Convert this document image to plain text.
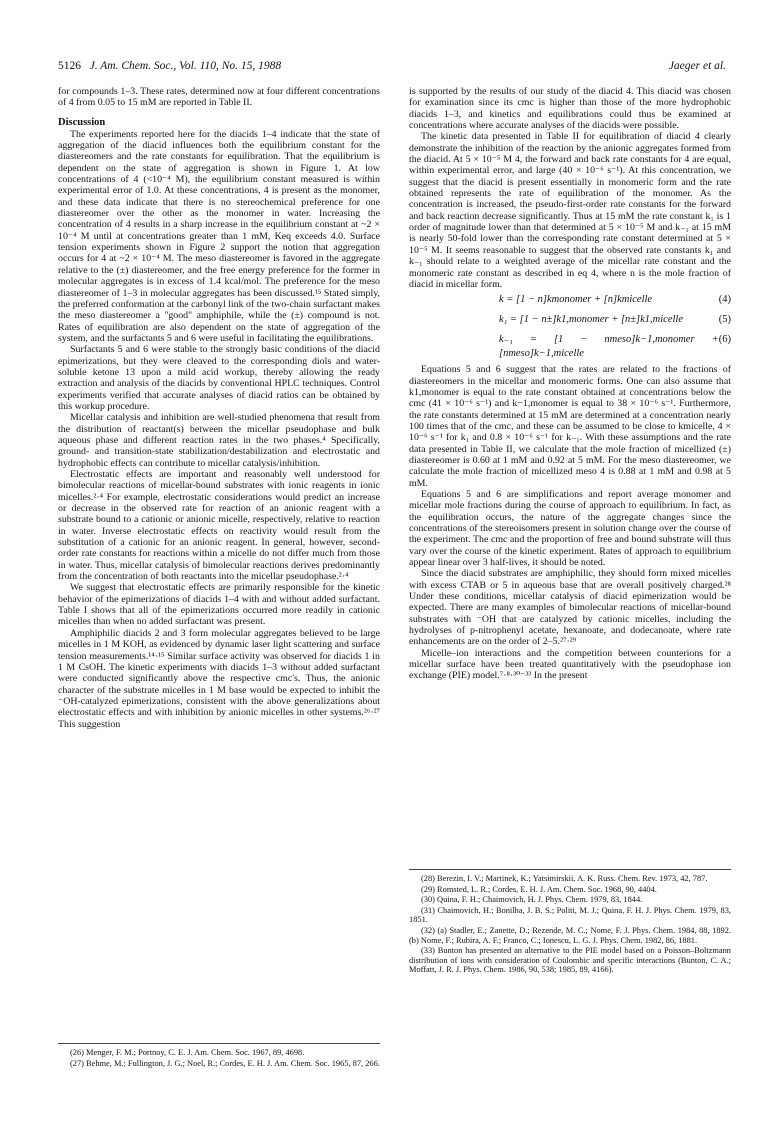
5126 J. Am. Chem. Soc., Vol. 110, No. 15, 1988	Jaeger et al.

for compounds 1–3. These rates, determined now at four different concentrations of 4 from 0.05 to 15 mM are reported in Table II.

Discussion

The experiments reported here for the diacids 1–4 indicate that the state of aggregation of the diacid influences both the equilibrium constant for the diastereomers and the rate constants for equilibration. That the equilibrium is dependent on the state of aggregation is shown in Figure 1. At low concentrations of 4 (<10⁻⁴ M), the equilibrium constant measured is within experimental error of 1.0. At these concentrations, 4 is present as the monomer, and these data indicate that there is no stereochemical preference for one diastereomer over the other as the monomer in water. Increasing the concentration of 4 results in a sharp increase in the equilibrium constant at ~2 × 10⁻⁴ M until at concentrations greater than 1 mM, Keq exceeds 4.0. Surface tension experiments shown in Figure 2 support the notion that aggregation occurs for 4 at ~2 × 10⁻⁴ M. The meso diastereomer is favored in the aggregate relative to the (±) diastereomer, and the free energy preference for the former in molecular aggregates is in excess of 1.4 kcal/mol. The preference for the meso diastereomer of 1–3 in molecular aggregates has been discussed.¹⁵ Stated simply, the preferred conformation at the carbonyl link of the two-chain surfactant makes the meso diastereomer a "good" amphiphile, while the (±) compound is not. Rates of equilibration are also dependent on the state of aggregation of the system, and the surfactants 5 and 6 were useful in facilitating the equilibrations.

Surfactants 5 and 6 were stable to the strongly basic conditions of the diacid epimerizations, but they were cleaved to the corresponding diols and water-soluble ketone 13 upon a mild acid workup, thereby allowing the ready extraction and analysis of the diacids by conventional HPLC techniques. Control experiments verified that accurate analyses of diacid ratios can be obtained by this workup procedure.

Micellar catalysis and inhibition are well-studied phenomena that result from the distribution of reactant(s) between the micellar pseudophase and bulk aqueous phase and different reaction rates in the two phases.⁴ Specifically, ground- and transition-state stabilization/destabilization and electrostatic and hydrophobic effects can contribute to micellar catalysis/inhibition.

Electrostatic effects are important and reasonably well understood for bimolecular reactions of micellar-bound substrates with ionic reagents in ionic micelles.²·⁴ For example, electrostatic considerations would predict an increase or decrease in the observed rate for reaction of an anionic reagent with a substrate bound to a cationic or anionic micelle, respectively, relative to reaction in water. Inverse electrostatic effects on reactivity would result from the substitution of a cationic for an anionic reagent. In general, however, second-order rate constants for reactions within a micelle do not differ much from those in water. Thus, micellar catalysis of bimolecular reactions derives predominantly from the concentration of both reactants into the micellar pseudophase.²·⁴

We suggest that electrostatic effects are primarily responsible for the kinetic behavior of the epimerizations of diacids 1–4 with and without added surfactant. Table I shows that all of the epimerizations occurred more readily in cationic micelles than when no added surfactant was present.

Amphiphilic diacids 2 and 3 form molecular aggregates believed to be large micelles in 1 M KOH, as evidenced by dynamic laser light scattering and surface tension measurements.¹⁴·¹⁵ Similar surface activity was observed for diacids 1 in 1 M CsOH. The kinetic experiments with diacids 1–3 without added surfactant were conducted significantly above the respective cmc's. Thus, the anionic character of the substrate micelles in 1 M base would be expected to inhibit the ⁻OH-catalyzed epimerizations, consistent with the above generalizations about electrostatic effects and with inhibition by anionic micelles in other systems.²⁶·²⁷ This suggestion

(26) Menger, F. M.; Portnoy, C. E. J. Am. Chem. Soc. 1967, 89, 4698.

(27) Behme, M.; Fullington, J. G.; Noel, R.; Cordes, E. H. J. Am. Chem. Soc. 1965, 87, 266.

is supported by the results of our study of the diacid 4. This diacid was chosen for examination since its cmc is higher than those of the more hydrophobic diacids 1–3, and kinetics and equilibrations could thus be examined at concentrations where accurate analyses of the diacids were possible.

The kinetic data presented in Table II for equilibration of diacid 4 clearly demonstrate the inhibition of the reaction by the anionic aggregates formed from the diacid. At 5 × 10⁻⁵ M 4, the forward and back rate constants for 4 are equal, within experimental error, and large (40 × 10⁻⁶ s⁻¹). At this concentration, we suggest that the diacid is present essentially in monomeric form and the rate obtained represents the rate of equilibration of the monomer. As the concentration is increased, the pseudo-first-order rate constants for the forward and back reaction decrease significantly. Thus at 15 mM the rate constant k₁ is 1 order of magnitude lower than that determined at 5 × 10⁻⁵ M and k₋₁ at 15 mM is nearly 50-fold lower than the corresponding rate constant determined at 5 × 10⁻⁵ M. It seems reasonable to suggest that the observed rate constants k₁ and k₋₁ should relate to a weighted average of the micellar rate constant and the monomeric rate constant as described in eq 4, where n is the mole fraction of diacid in micellar form.

k = [1 − n]kmonomer + [n]kmicelle	(4)
k₁ = [1 − n±]k1,monomer + [n±]k1,micelle	(5)
k₋₁ = [1 − nmeso]k−1,monomer + [nmeso]k−1,micelle
(6)

Equations 5 and 6 suggest that the rates are related to the fractions of diastereomers in the micellar and monomeric forms. One can also assume that k1,monomer is equal to the rate constant obtained at concentrations below the cmc (41 × 10⁻⁶ s⁻¹) and k−1,monomer is equal to 38 × 10⁻⁶ s⁻¹. Furthermore, the rate constants determined at 15 mM are determined at a concentration nearly 100 times that of the cmc, and these can be assumed to be close to kmicelle, 4 × 10⁻⁶ s⁻¹ for k₁ and 0.8 × 10⁻⁶ s⁻¹ for k₋₁. With these assumptions and the rate data presented in Table II, we calculate that the mole fraction of micellized (±) diastereomer is 0.60 at 1 mM and 0.92 at 5 mM. For the meso diastereomer, we calculate the mole fraction of micellized meso 4 is 0.88 at 1 mM and 0.98 at 5 mM.

Equations 5 and 6 are simplifications and report average monomer and micellar mole fractions during the course of approach to equilibrium. In fact, as the equilibration occurs, the nature of the aggregate changes since the concentrations of the stereoisomers present in solution change over the course of the experiment. The cmc and the proportion of free and bound substrate will thus vary over the course of the kinetic experiment. Rates of approach to equilibrium appear linear over 3 half-lives, it should be noted.

Since the diacid substrates are amphiphilic, they should form mixed micelles with excess CTAB or 5 in aqueous base that are overall positively charged.²⁸ Under these conditions, micellar catalysis of diacid epimerization would be expected. There are many examples of bimolecular reactions of micellar-bound substrates with ⁻OH that are catalyzed by cationic micelles, including the hydrolyses of p-nitrophenyl acetate, hexanoate, and dodecanoate, where rate enhancements are on the order of 2–5.²⁷·²⁹

Micelle–ion interactions and the competition between counterions for a micellar surface have been treated quantitatively with the pseudophase ion exchange (PIE) model.⁷·⁸·³⁰⁻³³ In the present

(28) Berezin, I. V.; Martinek, K.; Yatsimirskii, A. K. Russ. Chem. Rev. 1973, 42, 787.

(29) Romsted, L. R.; Cordes, E. H. J. Am. Chem. Soc. 1968, 90, 4404.

(30) Quina, F. H.; Chaimovich, H. J. Phys. Chem. 1979, 83, 1844.

(31) Chaimovich, H.; Bonilha, J. B. S.; Politi, M. J.; Quina, F. H. J. Phys. Chem. 1979, 83, 1851.

(32) (a) Stadler, E.; Zanette, D.; Rezende, M. C.; Nome, F. J. Phys. Chem. 1984, 88, 1892. (b) Nome, F.; Rubira, A. F.; Franco, C.; Ionescu, L. G. J. Phys. Chem. 1982, 86, 1881.

(33) Bunton has presented an alternative to the PIE model based on a Poisson–Boltzmann distribution of ions with consideration of Coulombic and specific interactions (Bunton, C. A.; Moffatt, J. R. J. Phys. Chem. 1986, 90, 538; 1985, 89, 4166).
